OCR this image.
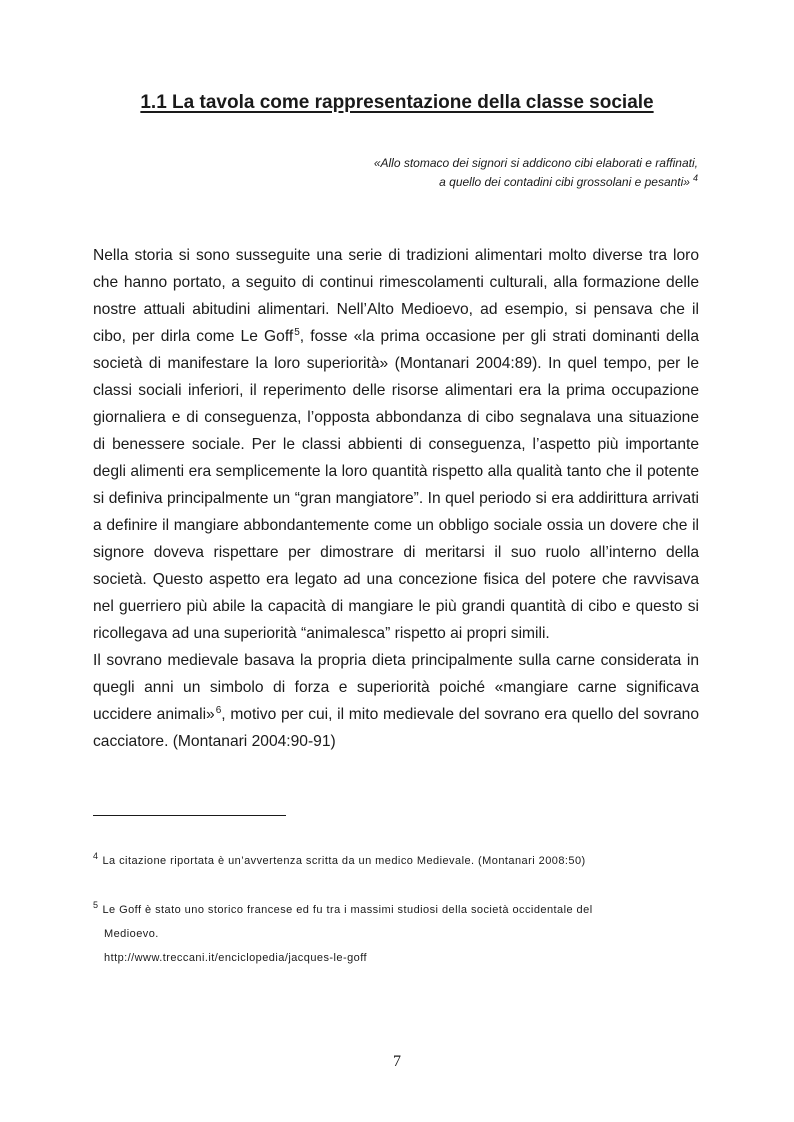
1.1 La tavola come rappresentazione della classe sociale
«Allo stomaco dei signori si addicono cibi elaborati e raffinati,
a quello dei contadini cibi grossolani e pesanti» $^4$

Nella storia si sono susseguite una serie di tradizioni alimentari molto diverse tra loro che hanno portato, a seguito di continui rimescolamenti culturali, alla formazione delle nostre attuali abitudini alimentari. Nell’Alto Medioevo, ad esempio, si pensava che il cibo, per dirla come Le Goff$^5$, fosse «la prima occasione per gli strati dominanti della società di manifestare la loro superiorità» (Montanari 2004:89). In quel tempo, per le classi sociali inferiori, il reperimento delle risorse alimentari era la prima occupazione giornaliera e di conseguenza, l’opposta abbondanza di cibo segnalava una situazione di benessere sociale. Per le classi abbienti di conseguenza, l’aspetto più importante degli alimenti era semplicemente la loro quantità rispetto alla qualità tanto che il potente si definiva principalmente un “gran mangiatore”. In quel periodo si era addirittura arrivati a definire il mangiare abbondantemente come un obbligo sociale ossia un dovere che il signore doveva rispettare per dimostrare di meritarsi il suo ruolo all’interno della società. Questo aspetto era legato ad una concezione fisica del potere che ravvisava nel guerriero più abile la capacità di mangiare le più grandi quantità di cibo e questo si ricollegava ad una superiorità “animalesca” rispetto ai propri simili.

Il sovrano medievale basava la propria dieta principalmente sulla carne considerata in quegli anni un simbolo di forza e superiorità poiché «mangiare carne significava uccidere animali»$^6$, motivo per cui, il mito medievale del sovrano era quello del sovrano cacciatore. (Montanari 2004:90-91)

$^4$ La citazione riportata è un’avvertenza scritta da un medico Medievale. (Montanari 2008:50)
$^5$ Le Goff è stato uno storico francese ed fu tra i massimi studiosi della società occidentale del
Medioevo.
http://www.treccani.it/enciclopedia/jacques-le-goff
7
